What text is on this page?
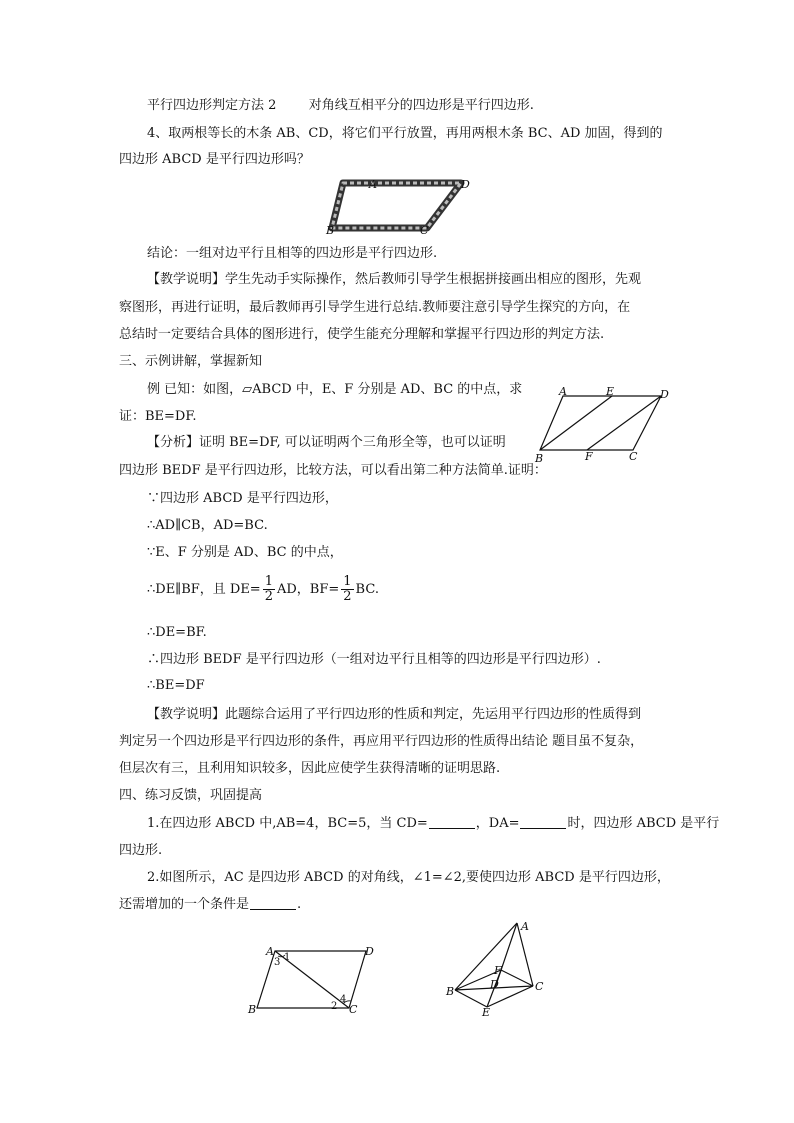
平行四边形判定方法 2 对角线互相平分的四边形是平行四边形.
4、取两根等长的木条 AB、CD，将它们平行放置，再用两根木条 BC、AD 加固，得到的
四边形 ABCD 是平行四边形吗？
A	D
B	C
结论：一组对边平行且相等的四边形是平行四边形.
【教学说明】学生先动手实际操作，然后教师引导学生根据拼接画出相应的图形，先观
察图形，再进行证明，最后教师再引导学生进行总结.教师要注意引导学生探究的方向，在
总结时一定要结合具体的图形进行，使学生能充分理解和掌握平行四边形的判定方法.
三、示例讲解，掌握新知
例 已知：如图，▱ABCD 中，E、F 分别是 AD、BC 的中点，求
证：BE=DF.
A	E	D
B	F	C
【分析】证明 BE=DF, 可以证明两个三角形全等，也可以证明
四边形 BEDF 是平行四边形，比较方法，可以看出第二种方法简单.证明：
∵四边形 ABCD 是平行四边形，
∴AD∥CB，AD=BC.
∵E、F 分别是 AD、BC 的中点，
∴DE∥BF，且 $DE= \frac{1}{2}$ AD，$BF= \frac{1}{2}$ BC.
∴DE=BF.
∴四边形 BEDF 是平行四边形（一组对边平行且相等的四边形是平行四边形）.
∴BE=DF
【教学说明】此题综合运用了平行四边形的性质和判定，先运用平行四边形的性质得到
判定另一个四边形是平行四边形的条件，再应用平行四边形的性质得出结论 题目虽不复杂，
但层次有三，且利用知识较多，因此应使学生获得清晰的证明思路.
四、练习反馈，巩固提高
1.在四边形 ABCD 中,AB=4，BC=5，当 CD=	，DA=	时，四边形 ABCD 是平行
四边形.
2.如图所示，AC 是四边形 ABCD 的对角线，∠1=∠2,要使四边形 ABCD 是平行四边形，
还需增加的一个条件是	.
A	D
B	C
1
3
2
4
A
B	C
D
F
E
